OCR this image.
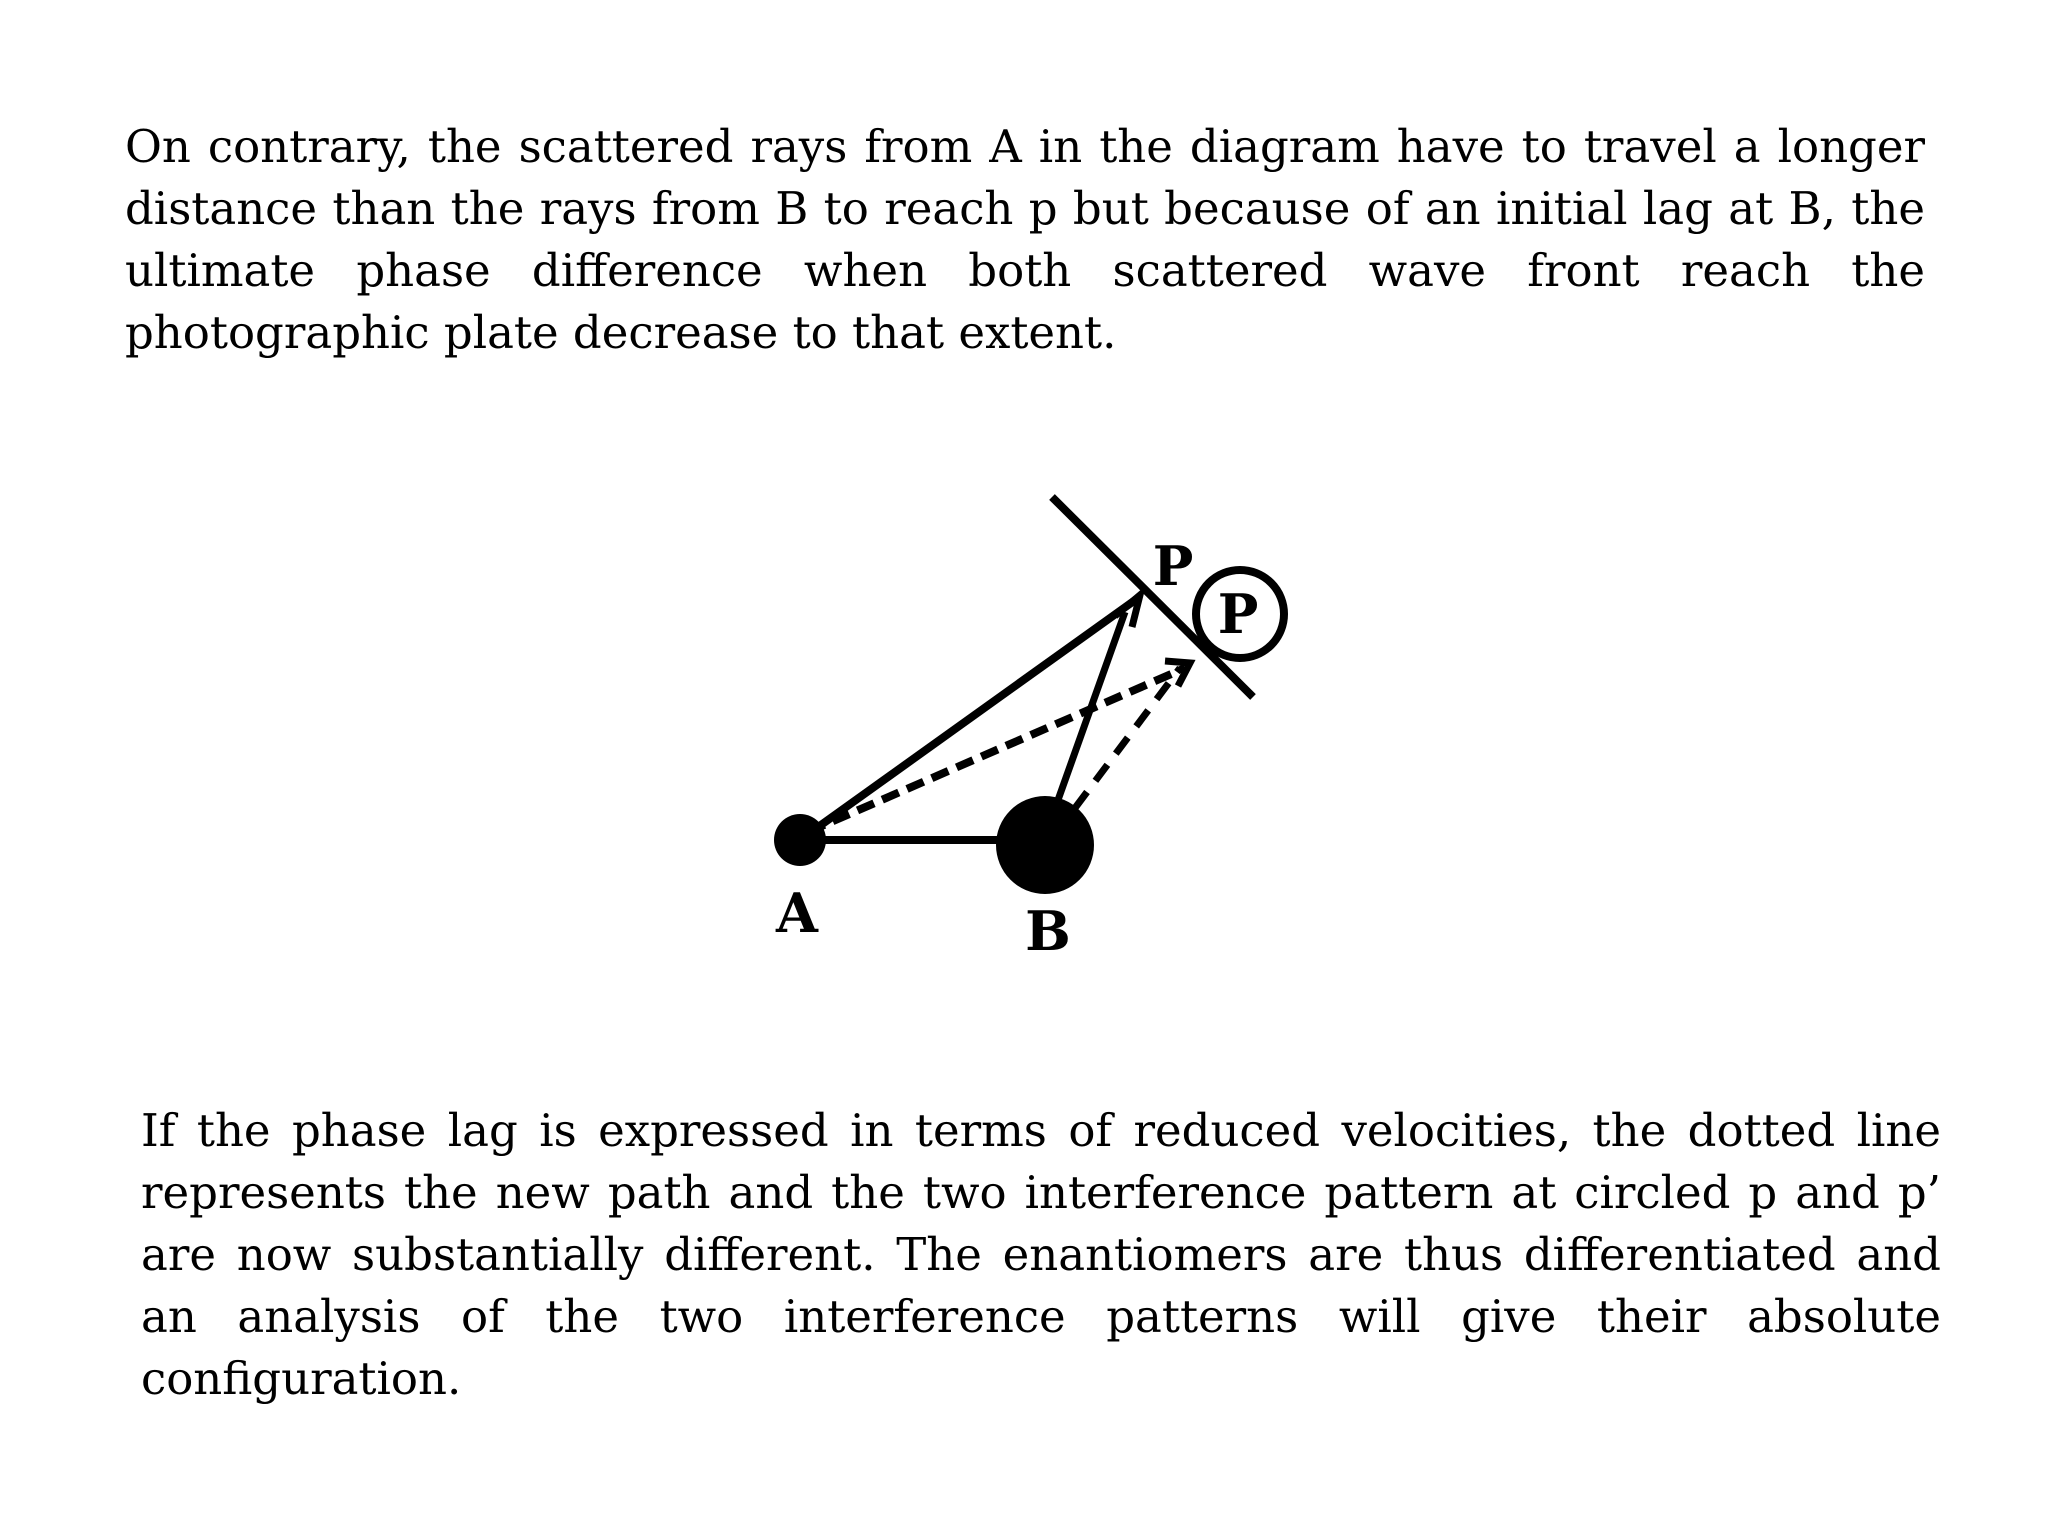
On contrary, the scattered rays from A in the diagram have to travel a longer distance than the rays from B to reach p but because of an initial lag at B, the ultimate phase difference when both scattered wave front reach the photographic plate decrease to that extent.

A	B
P
P

If the phase lag is expressed in terms of reduced velocities, the dotted line represents the new path and the two interference pattern at circled p and p’ are now substantially different. The enantiomers are thus differentiated and an analysis of the two interference patterns will give their absolute configuration.
